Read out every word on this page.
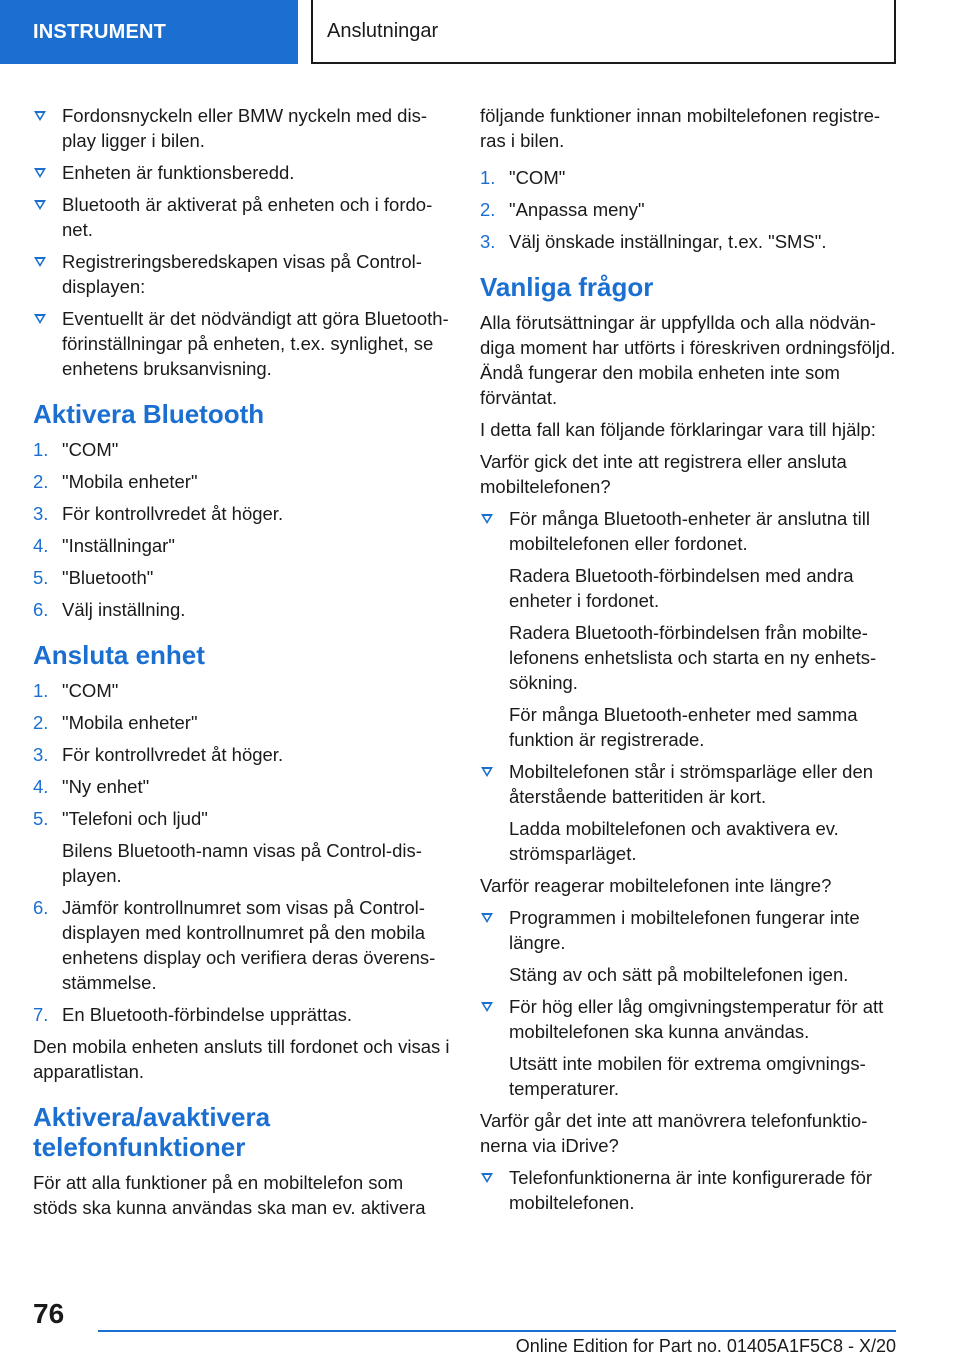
INSTRUMENT	Anslutningar
Fordonsnyckeln eller BMW nyckeln med display ligger i bilen.
Enheten är funktionsberedd.
Bluetooth är aktiverat på enheten och i fordonet.
Registreringsberedskapen visas på Controldisplayen:
Eventuellt är det nödvändigt att göra Bluetooth-förinställningar på enheten, t.ex. synlighet, se enhetens bruksanvisning.
Aktivera Bluetooth
1. "COM"
2. "Mobila enheter"
3. För kontrollvredet åt höger.
4. "Inställningar"
5. "Bluetooth"
6. Välj inställning.
Ansluta enhet
1. "COM"
2. "Mobila enheter"
3. För kontrollvredet åt höger.
4. "Ny enhet"
5. "Telefoni och ljud"
Bilens Bluetooth-namn visas på Control-displayen.
6. Jämför kontrollnumret som visas på Controldisplayen med kontrollnumret på den mobila enhetens display och verifiera deras överensstämmelse.
7. En Bluetooth-förbindelse upprättas.

Den mobila enheten ansluts till fordonet och visas i apparatlistan.

Aktivera/avaktivera telefonfunktioner

För att alla funktioner på en mobiltelefon som stöds ska kunna användas ska man ev. aktivera

följande funktioner innan mobiltelefonen registreras i bilen.

1. "COM"
2. "Anpassa meny"
3. Välj önskade inställningar, t.ex. "SMS".
Vanliga frågor

Alla förutsättningar är uppfyllda och alla nödvändiga moment har utförts i föreskriven ordningsföljd. Ändå fungerar den mobila enheten inte som förväntat.

I detta fall kan följande förklaringar vara till hjälp:

Varför gick det inte att registrera eller ansluta mobiltelefonen?

För många Bluetooth-enheter är anslutna till mobiltelefonen eller fordonet.
Radera Bluetooth-förbindelsen med andra enheter i fordonet.
Radera Bluetooth-förbindelsen från mobiltelefonens enhetslista och starta en ny enhetssökning.
För många Bluetooth-enheter med samma funktion är registrerade.
Mobiltelefonen står i strömsparläge eller den återstående batteritiden är kort.
Ladda mobiltelefonen och avaktivera ev. strömsparläget.

Varför reagerar mobiltelefonen inte längre?

Programmen i mobiltelefonen fungerar inte längre.
Stäng av och sätt på mobiltelefonen igen.
För hög eller låg omgivningstemperatur för att mobiltelefonen ska kunna användas.
Utsätt inte mobilen för extrema omgivningstemperaturer.

Varför går det inte att manövrera telefonfunktionerna via iDrive?

Telefonfunktionerna är inte konfigurerade för mobiltelefonen.
76
Online Edition for Part no. 01405A1F5C8 - X/20
